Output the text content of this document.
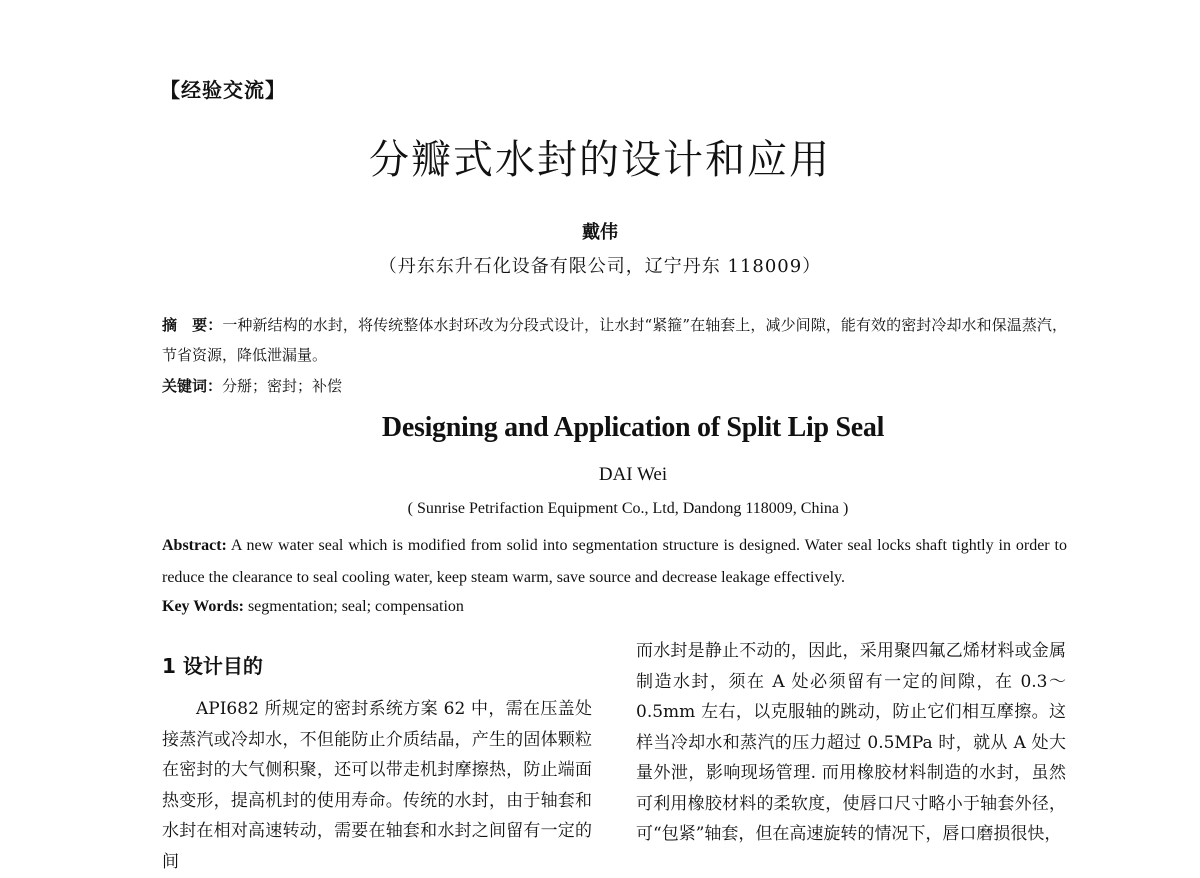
【经验交流】
分瓣式水封的设计和应用
戴伟
（丹东东升石化设备有限公司，辽宁丹东 118009）
摘　要：一种新结构的水封，将传统整体水封环改为分段式设计，让水封“紧箍”在轴套上，减少间隙，能有效的密封冷却水和保温蒸汽，节省资源，降低泄漏量。
关键词：分掰；密封；补偿
Designing and Application of Split Lip Seal
DAI Wei
( Sunrise Petrifaction Equipment Co., Ltd, Dandong 118009, China )
Abstract: A new water seal which is modified from solid into segmentation structure is designed. Water seal locks shaft tightly in order to reduce the clearance to seal cooling water, keep steam warm, save source and decrease leakage effectively.
Key Words: segmentation; seal; compensation
1 设计目的
API682 所规定的密封系统方案 62 中，需在压盖处接蒸汽或冷却水，不但能防止介质结晶，产生的固体颗粒在密封的大气侧积聚，还可以带走机封摩擦热，防止端面热变形，提高机封的使用寿命。传统的水封，由于轴套和水封在相对高速转动，需要在轴套和水封之间留有一定的间
而水封是静止不动的，因此，采用聚四氟乙烯材料或金属制造水封，须在 A 处必须留有一定的间隙，在 0.3～0.5mm 左右，以克服轴的跳动，防止它们相互摩擦。这样当冷却水和蒸汽的压力超过 0.5MPa 时，就从 A 处大量外泄，影响现场管理. 而用橡胶材料制造的水封，虽然可利用橡胶材料的柔软度，使唇口尺寸略小于轴套外径，可“包紧”轴套，但在高速旋转的情况下，唇口磨损很快，
